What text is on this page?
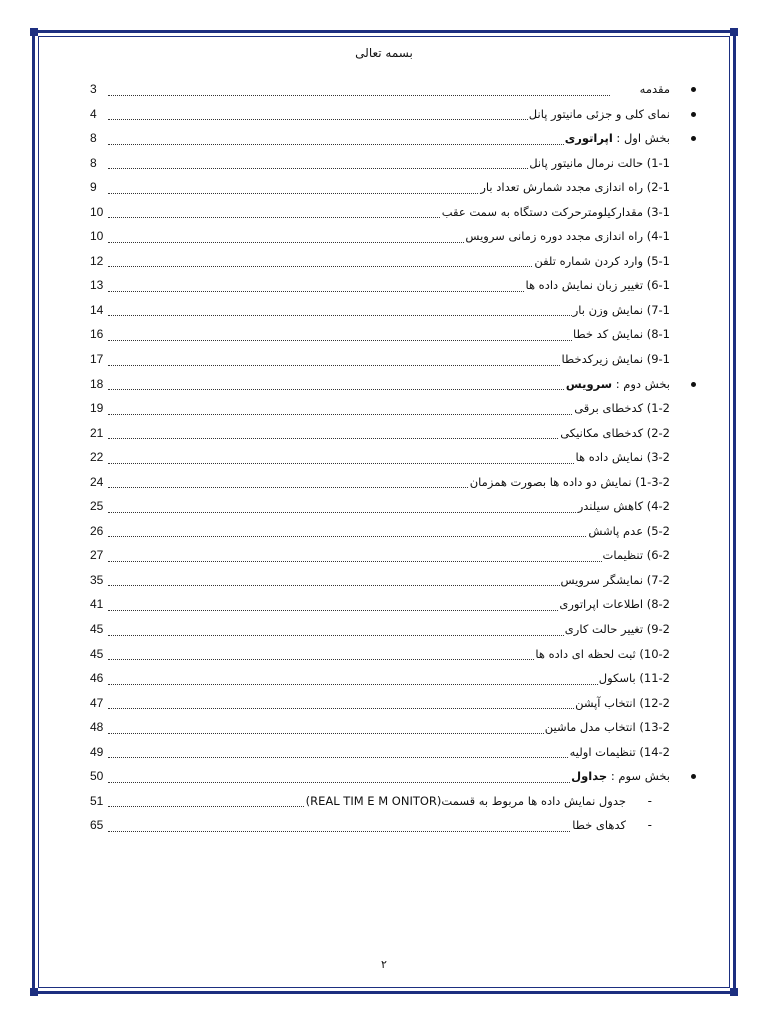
بسمه تعالی
مقدمه
3
نمای کلی و جزئی مانیتور پانل
4
بخش اول : اپراتوری
8
1-1) حالت نرمال مانیتور پانل
8
2-1) راه اندازی مجدد شمارش تعداد بار
9
3-1) مقدارکیلومترحرکت دستگاه به سمت عقب
10
4-1) راه اندازی مجدد دوره زمانی سرویس
10
5-1) وارد کردن شماره تلفن
12
6-1) تغییر زبان نمایش داده ها
13
7-1) نمایش وزن بار
14
8-1) نمایش کد خطا
16
9-1) نمایش زیرکدخطا
17
بخش دوم : سرویس
18
1-2) کدخطای برقی
19
2-2) کدخطای مکانیکی
21
3-2) نمایش داده ها
22
1-3-2) نمایش دو داده ها بصورت همزمان
24
4-2) کاهش سیلندر
25
5-2) عدم پاشش
26
6-2) تنظیمات
27
7-2) نمایشگر سرویس
35
8-2) اطلاعات اپراتوری
41
9-2) تغییر حالت کاری
45
10-2) ثبت لحظه ای داده ها
45
11-2) باسکول
46
12-2) انتخاب آپشن
47
13-2) انتخاب مدل ماشین
48
14-2) تنظیمات اولیه
49
بخش سوم : جداول
50
-
جدول نمایش داده ها مربوط به قسمت(REAL TIM E M ONITOR)
51
-
کدهای خطا
65
٢
